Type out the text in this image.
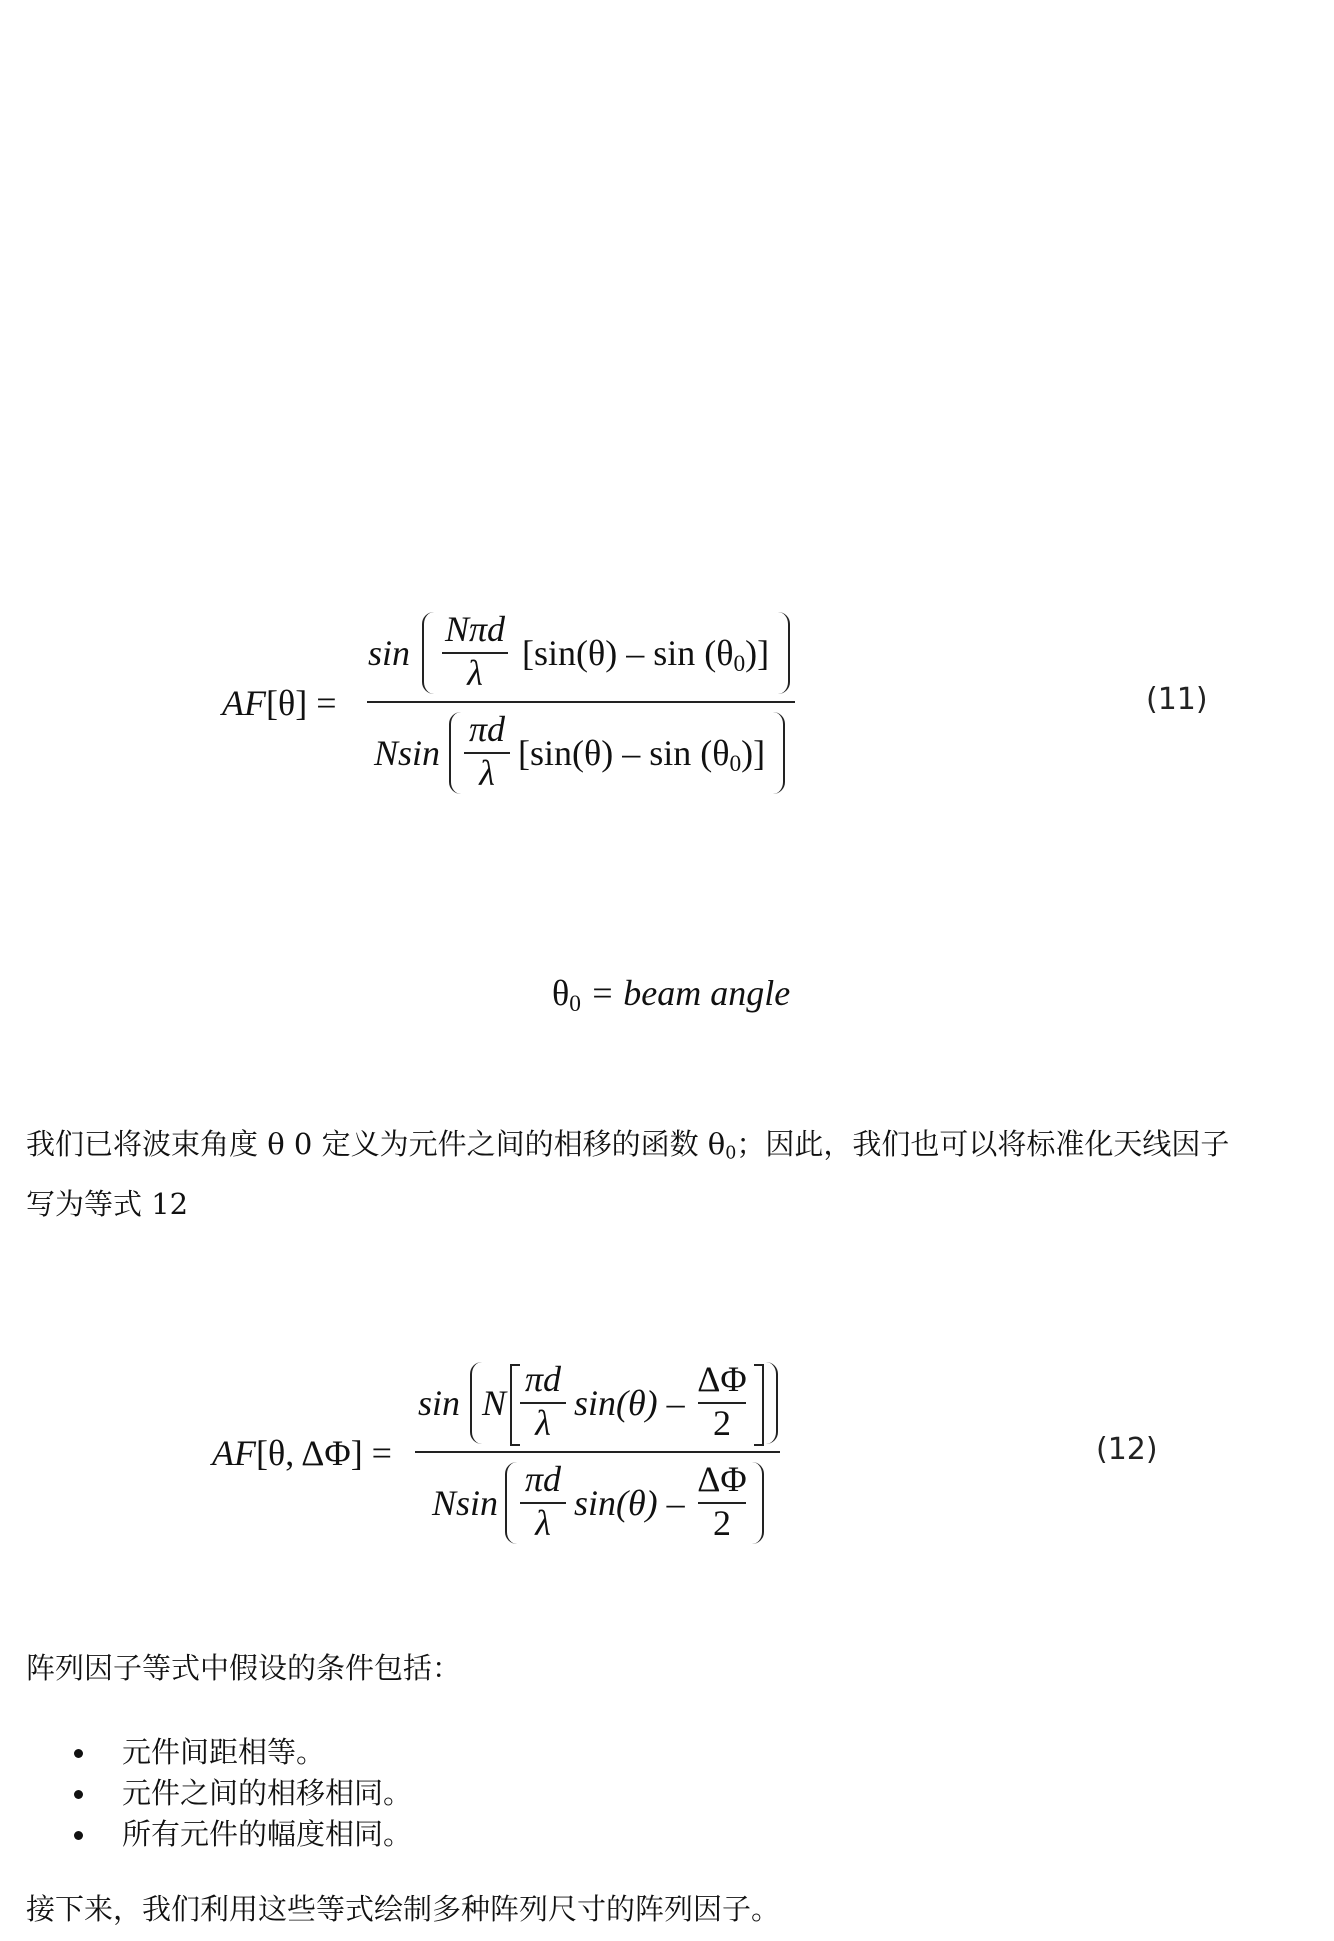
AF[θ] =
sin
Nπd
λ	$[\sin(\theta) - \sin (\theta_0)]$
Nsin
πd
λ $[\sin(\theta) - \sin (\theta_0)]$
(11)
$\theta_0$ = beam angle
我们已将波束角度 θ 0 定义为元件之间的相移的函数 $\theta_0$；因此，我们也可以将标准化天线因子
写为等式 12
AF[θ, ΔΦ] =
sin N
πd
λ sin(θ) –
ΔΦ
2
Nsin
πd
λ sin(θ) –
ΔΦ
2
(12)
阵列因子等式中假设的条件包括：
元件间距相等。
元件之间的相移相同。
所有元件的幅度相同。
接下来，我们利用这些等式绘制多种阵列尺寸的阵列因子。
